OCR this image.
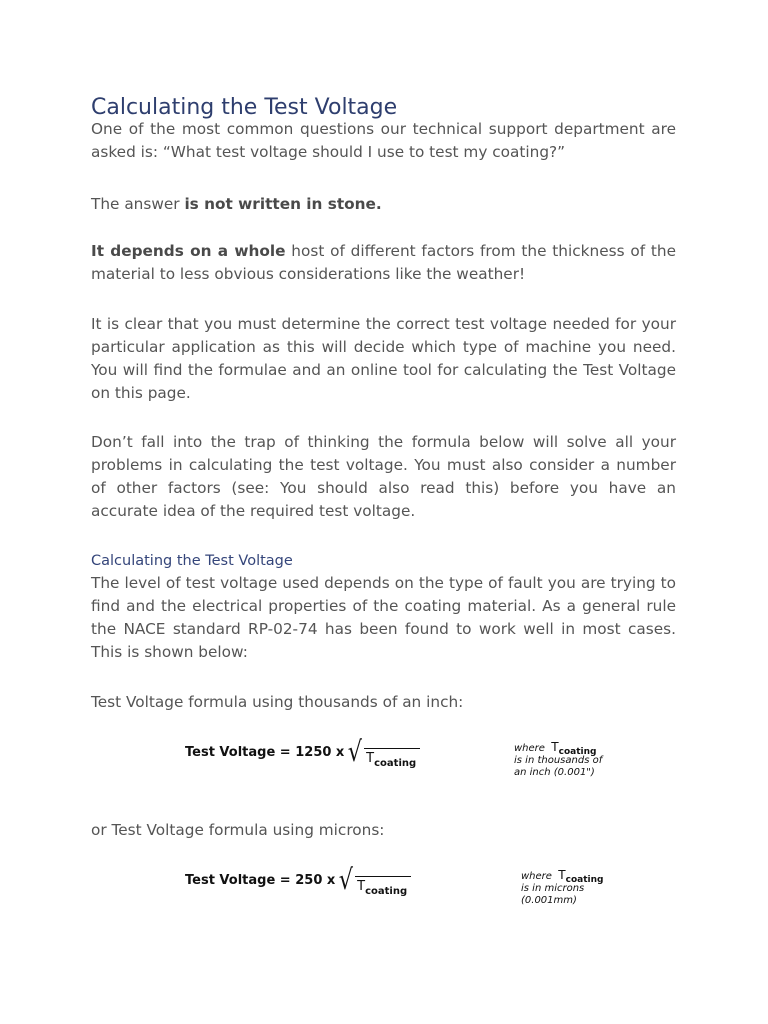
Calculating the Test Voltage

One of the most common questions our technical support department are asked is: “What test voltage should I use to test my coating?”

The answer is not written in stone.

It depends on a whole host of different factors from the thickness of the material to less obvious considerations like the weather!

It is clear that you must determine the correct test voltage needed for your particular application as this will decide which type of machine you need. You will find the formulae and an online tool for calculating the Test Voltage on this page.

Don’t fall into the trap of thinking the formula below will solve all your problems in calculating the test voltage. You must also consider a number of other factors (see: You should also read this) before you have an accurate idea of the required test voltage.

Calculating the Test Voltage

The level of test voltage used depends on the type of fault you are trying to find and the electrical properties of the coating material. As a general rule the NACE standard RP-02-74 has been found to work well in most cases. This is shown below:

Test Voltage formula using thousands of an inch:

Test Voltage = 1250 x √ T coating
where $T_{coating}$
is in thousands of
an inch (0.001")

or Test Voltage formula using microns:

Test Voltage = 250 x √ T coating
where $T_{coating}$
is in microns
(0.001mm)
